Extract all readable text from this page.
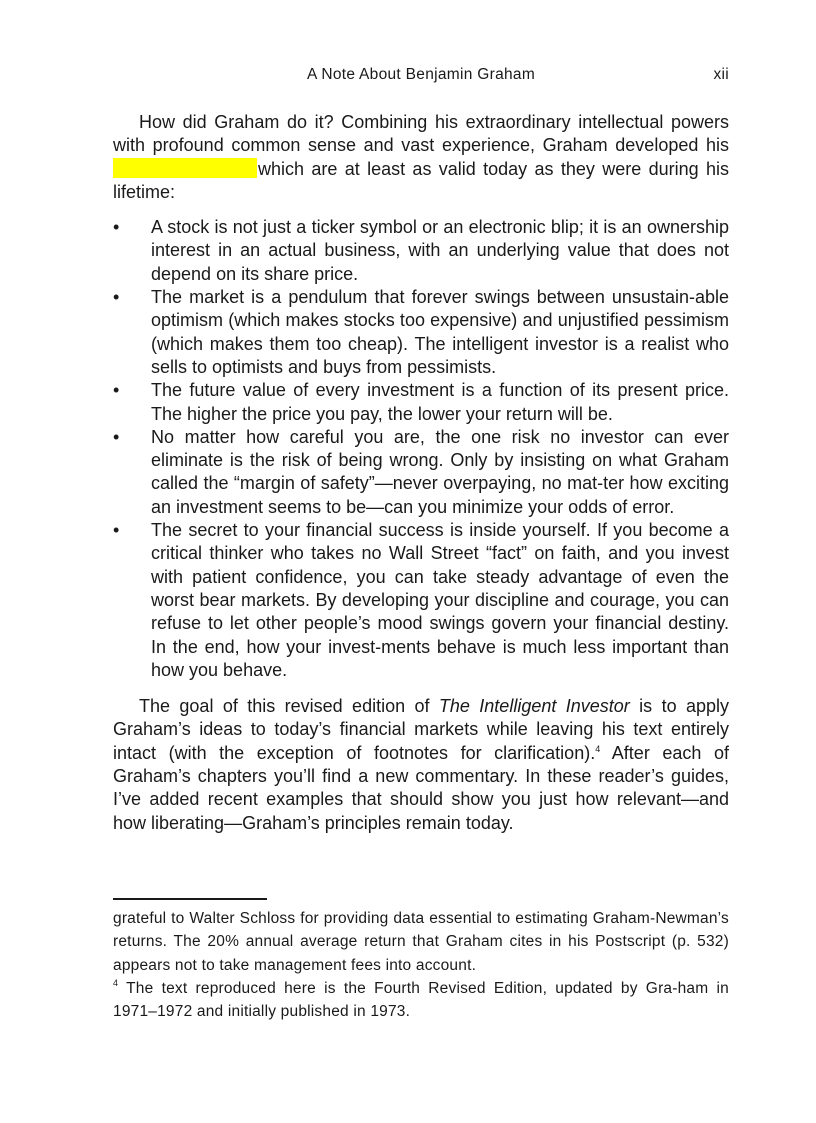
A Note About Benjamin Graham	xii

How did Graham do it? Combining his extraordinary intellectual powers with profound common sense and vast experience, Graham developed hiswhich are at least as valid today as they were during his lifetime:

• A stock is not just a ticker symbol or an electronic blip; it is an ownership interest in an actual business, with an underlying value that does not depend on its share price.
• The market is a pendulum that forever swings between unsustain-able optimism (which makes stocks too expensive) and unjustified pessimism (which makes them too cheap). The intelligent investor is a realist who sells to optimists and buys from pessimists.
• The future value of every investment is a function of its present price. The higher the price you pay, the lower your return will be.
• No matter how careful you are, the one risk no investor can ever eliminate is the risk of being wrong. Only by insisting on what Graham called the “margin of safety”—never overpaying, no mat-ter how exciting an investment seems to be—can you minimize your odds of error.
• The secret to your financial success is inside yourself. If you become a critical thinker who takes no Wall Street “fact” on faith, and you invest with patient confidence, you can take steady advantage of even the worst bear markets. By developing your discipline and courage, you can refuse to let other people’s mood swings govern your financial destiny. In the end, how your invest-ments behave is much less important than how you behave.

The goal of this revised edition of The Intelligent Investor is to apply Graham’s ideas to today’s financial markets while leaving his text entirely intact (with the exception of footnotes for clarification).$^4$ After each of Graham’s chapters you’ll find a new commentary. In these reader’s guides, I’ve added recent examples that should show you just how relevant—and how liberating—Graham’s principles remain today.

grateful to Walter Schloss for providing data essential to estimating Graham-Newman’s returns. The 20% annual average return that Graham cites in his Postscript (p. 532) appears not to take management fees into account.

$^4$ The text reproduced here is the Fourth Revised Edition, updated by Gra-ham in 1971–1972 and initially published in 1973.
